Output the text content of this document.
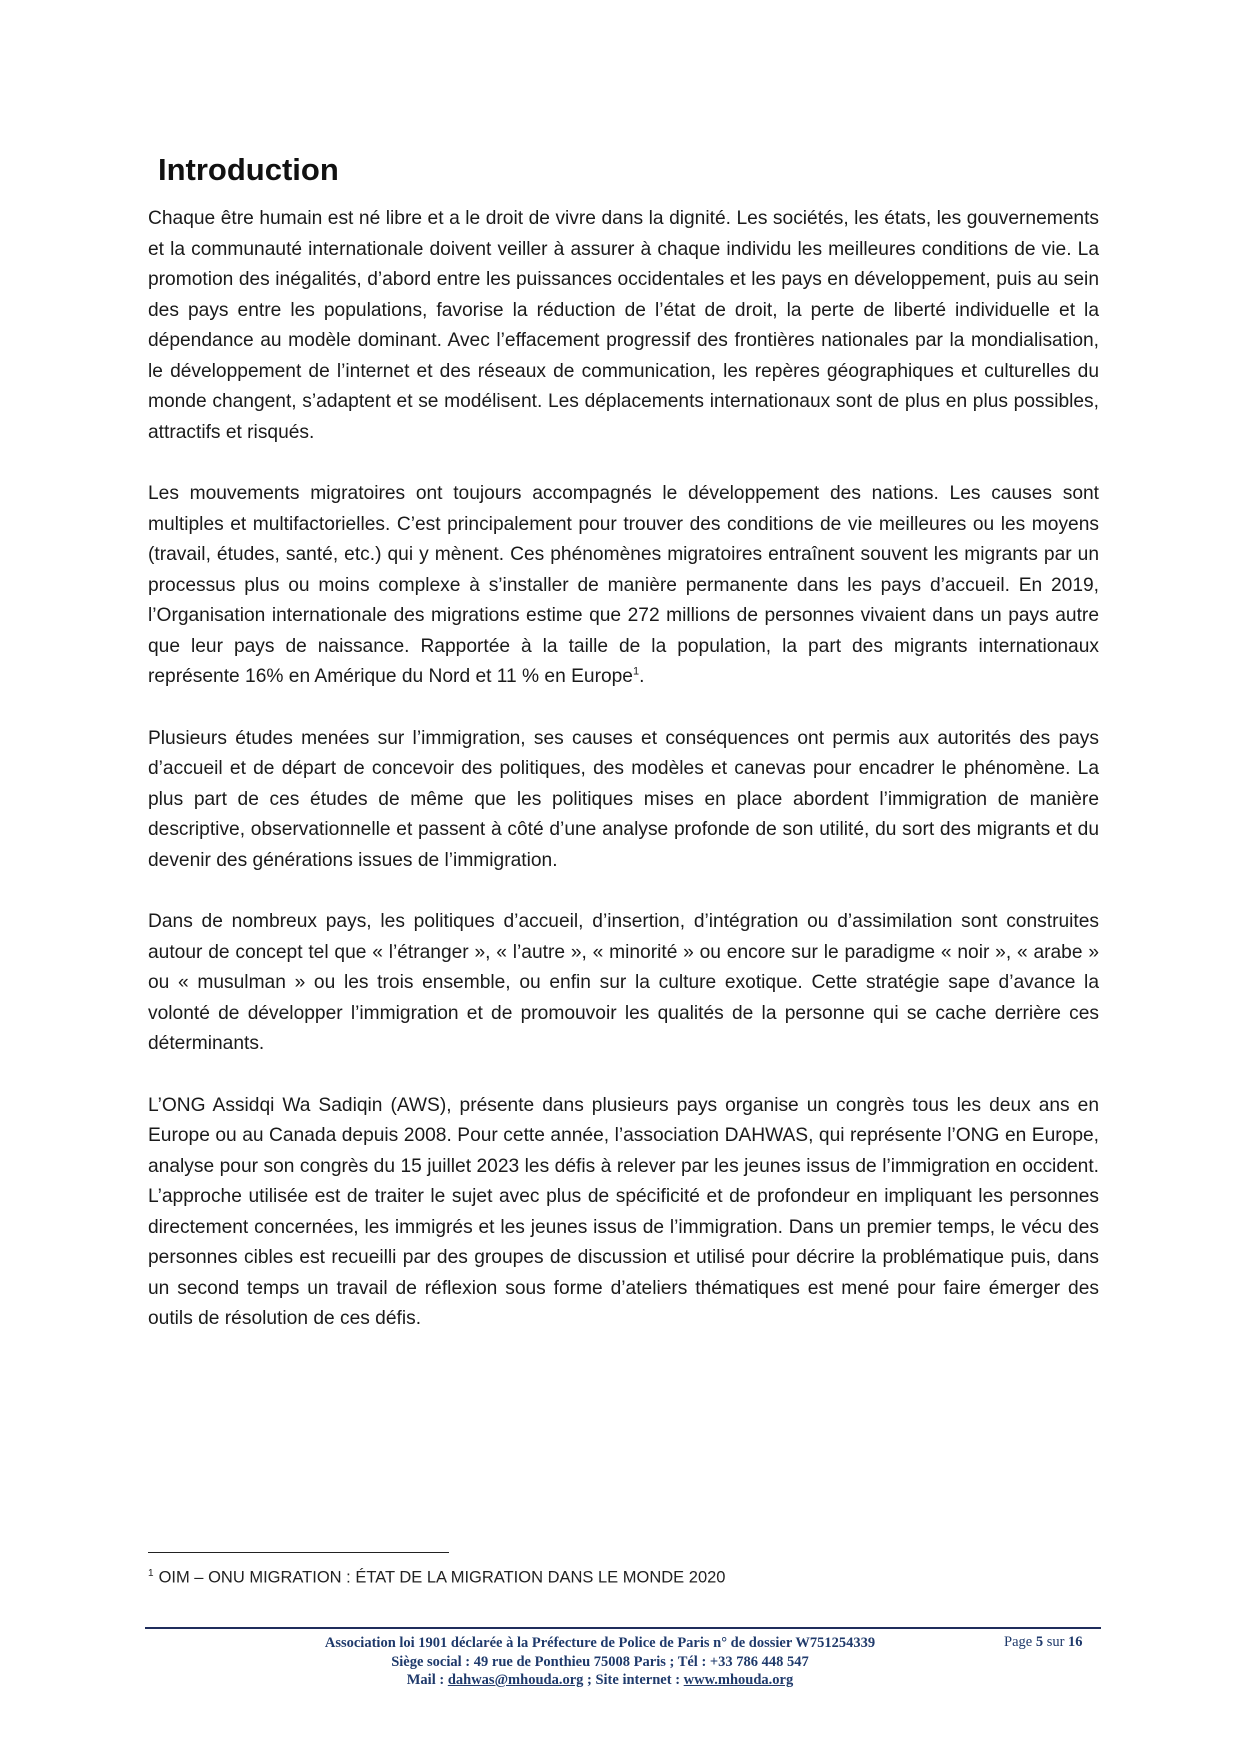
Introduction

Chaque être humain est né libre et a le droit de vivre dans la dignité. Les sociétés, les états, les gouvernements et la communauté internationale doivent veiller à assurer à chaque individu les meilleures conditions de vie. La promotion des inégalités, d’abord entre les puissances occidentales et les pays en développement, puis au sein des pays entre les populations, favorise la réduction de l’état de droit, la perte de liberté individuelle et la dépendance au modèle dominant. Avec l’effacement progressif des frontières nationales par la mondialisation, le développement de l’internet et des réseaux de communication, les repères géographiques et culturelles du monde changent, s’adaptent et se modélisent. Les déplacements internationaux sont de plus en plus possibles, attractifs et risqués.

Les mouvements migratoires ont toujours accompagnés le développement des nations. Les causes sont multiples et multifactorielles. C’est principalement pour trouver des conditions de vie meilleures ou les moyens (travail, études, santé, etc.) qui y mènent. Ces phénomènes migratoires entraînent souvent les migrants par un processus plus ou moins complexe à s’installer de manière permanente dans les pays d’accueil. En 2019, l’Organisation internationale des migrations estime que 272 millions de personnes vivaient dans un pays autre que leur pays de naissance. Rapportée à la taille de la population, la part des migrants internationaux représente 16% en Amérique du Nord et 11 % en Europe$^1$.

Plusieurs études menées sur l’immigration, ses causes et conséquences ont permis aux autorités des pays d’accueil et de départ de concevoir des politiques, des modèles et canevas pour encadrer le phénomène. La plus part de ces études de même que les politiques mises en place abordent l’immigration de manière descriptive, observationnelle et passent à côté d’une analyse profonde de son utilité, du sort des migrants et du devenir des générations issues de l’immigration.

Dans de nombreux pays, les politiques d’accueil, d’insertion, d’intégration ou d’assimilation sont construites autour de concept tel que « l’étranger », « l’autre », « minorité » ou encore sur le paradigme « noir », « arabe » ou « musulman » ou les trois ensemble, ou enfin sur la culture exotique. Cette stratégie sape d’avance la volonté de développer l’immigration et de promouvoir les qualités de la personne qui se cache derrière ces déterminants.

L’ONG Assidqi Wa Sadiqin (AWS), présente dans plusieurs pays organise un congrès tous les deux ans en Europe ou au Canada depuis 2008. Pour cette année, l’association DAHWAS, qui représente l’ONG en Europe, analyse pour son congrès du 15 juillet 2023 les défis à relever par les jeunes issus de l’immigration en occident. L’approche utilisée est de traiter le sujet avec plus de spécificité et de profondeur en impliquant les personnes directement concernées, les immigrés et les jeunes issus de l’immigration. Dans un premier temps, le vécu des personnes cibles est recueilli par des groupes de discussion et utilisé pour décrire la problématique puis, dans un second temps un travail de réflexion sous forme d’ateliers thématiques est mené pour faire émerger des outils de résolution de ces défis.

$^1$ OIM – ONU MIGRATION : ÉTAT DE LA MIGRATION DANS LE MONDE 2020
Association loi 1901 déclarée à la Préfecture de Police de Paris n° de dossier W751254339
Siège social : 49 rue de Ponthieu 75008 Paris ; Tél : +33 786 448 547
Mail : dahwas@mhouda.org ; Site internet : www.mhouda.org
Page 5 sur 16
